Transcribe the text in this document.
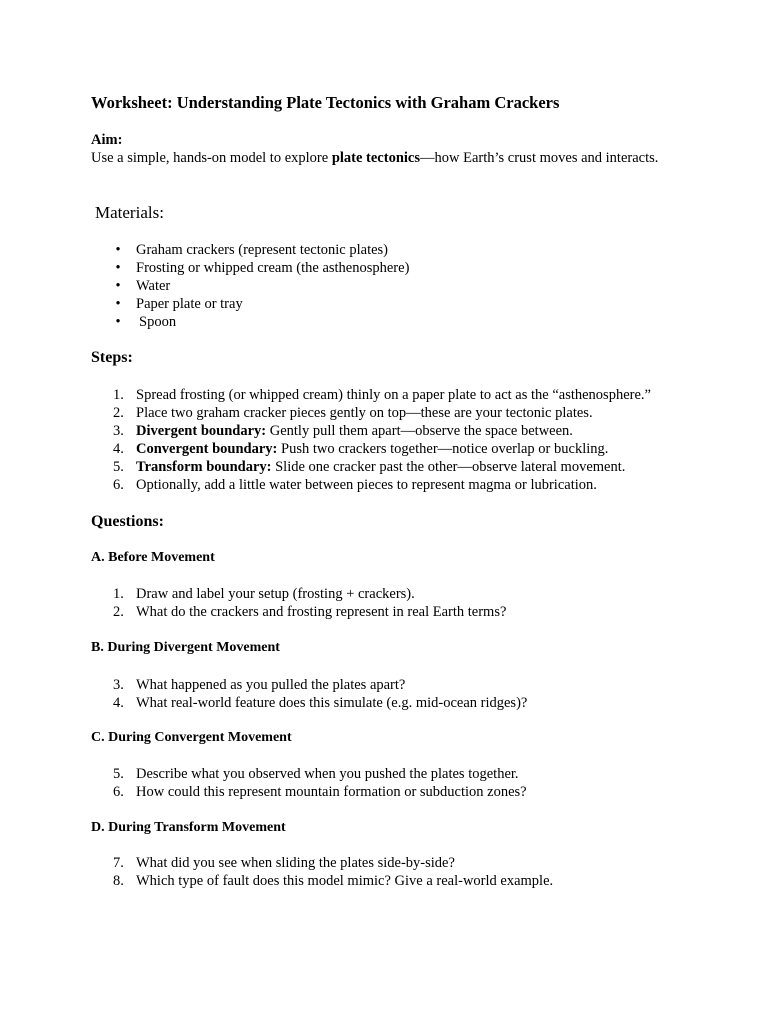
Worksheet: Understanding Plate Tectonics with Graham Crackers
Aim:
Use a simple, hands-on model to explore plate tectonics—how Earth’s crust moves and interacts.
Materials:
•
Graham crackers (represent tectonic plates)
•
Frosting or whipped cream (the asthenosphere)
•
Water
•
Paper plate or tray
•
Spoon
Steps:
1. Spread frosting (or whipped cream) thinly on a paper plate to act as the “asthenosphere.”
2. Place two graham cracker pieces gently on top—these are your tectonic plates.
3. Divergent boundary: Gently pull them apart—observe the space between.
4. Convergent boundary: Push two crackers together—notice overlap or buckling.
5. Transform boundary: Slide one cracker past the other—observe lateral movement.
6. Optionally, add a little water between pieces to represent magma or lubrication.
Questions:
A. Before Movement
1. Draw and label your setup (frosting + crackers).
2. What do the crackers and frosting represent in real Earth terms?
B. During Divergent Movement
3. What happened as you pulled the plates apart?
4. What real-world feature does this simulate (e.g. mid-ocean ridges)?
C. During Convergent Movement
5. Describe what you observed when you pushed the plates together.
6. How could this represent mountain formation or subduction zones?
D. During Transform Movement
7. What did you see when sliding the plates side-by-side?
8. Which type of fault does this model mimic? Give a real-world example.
